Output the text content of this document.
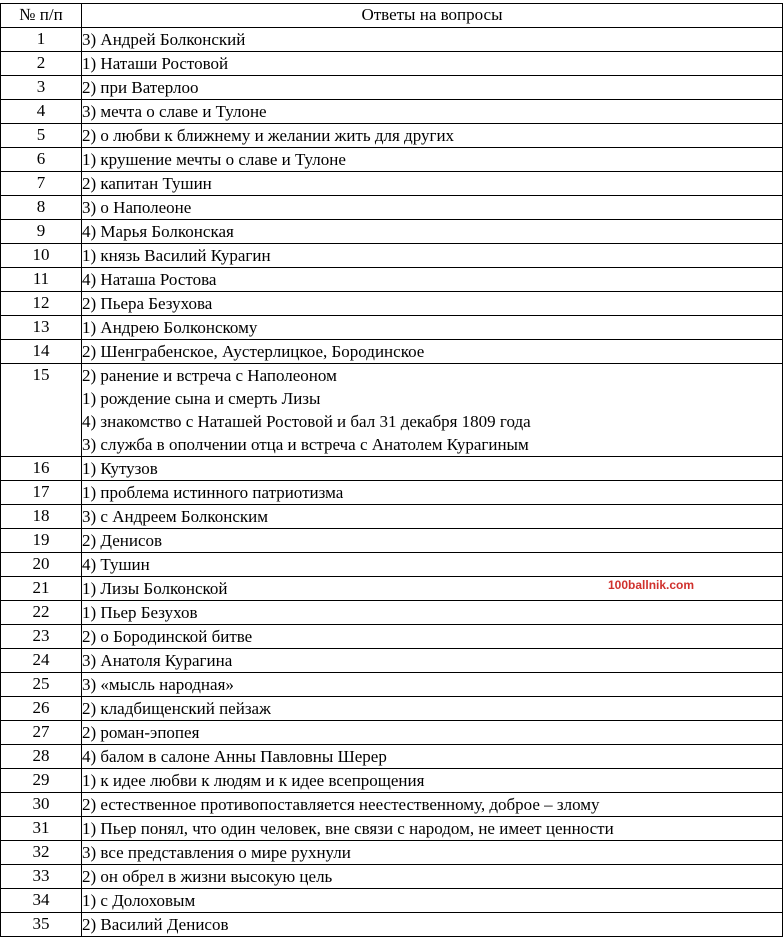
№ п/п	Ответы на вопросы
1	3) Андрей Болконский

2	1) Наташи Ростовой

3	2) при Ватерлоо

4	3) мечта о славе и Тулоне

5	2) о любви к ближнему и желании жить для других

6	1) крушение мечты о славе и Тулоне

7	2) капитан Тушин

8	3) о Наполеоне

9	4) Марья Болконская

10	1) князь Василий Курагин

11	4) Наташа Ростова

12	2) Пьера Безухова

13	1) Андрею Болконскому

14	2) Шенграбенское, Аустерлицкое, Бородинское

15	2) ранение и встреча с Наполеоном
1) рождение сына и смерть Лизы
4) знакомство с Наташей Ростовой и бал 31 декабря 1809 года
3) служба в ополчении отца и встреча с Анатолем Курагиным

16	1) Кутузов

17	1) проблема истинного патриотизма

18	3) с Андреем Болконским

19	2) Денисов

20	4) Тушин

21	1) Лизы Болконской

22	1) Пьер Безухов

23	2) о Бородинской битве

24	3) Анатоля Курагина

25	3) «мысль народная»

26	2) кладбищенский пейзаж

27	2) роман-эпопея

28	4) балом в салоне Анны Павловны Шерер

29	1) к идее любви к людям и к идее всепрощения

30	2) естественное противопоставляется неестественному, доброе – злому

31	1) Пьер понял, что один человек, вне связи с народом, не имеет ценности

32	3) все представления о мире рухнули

33	2) он обрел в жизни высокую цель

34	1) с Долоховым

35	2) Василий Денисов
100ballnik.com
